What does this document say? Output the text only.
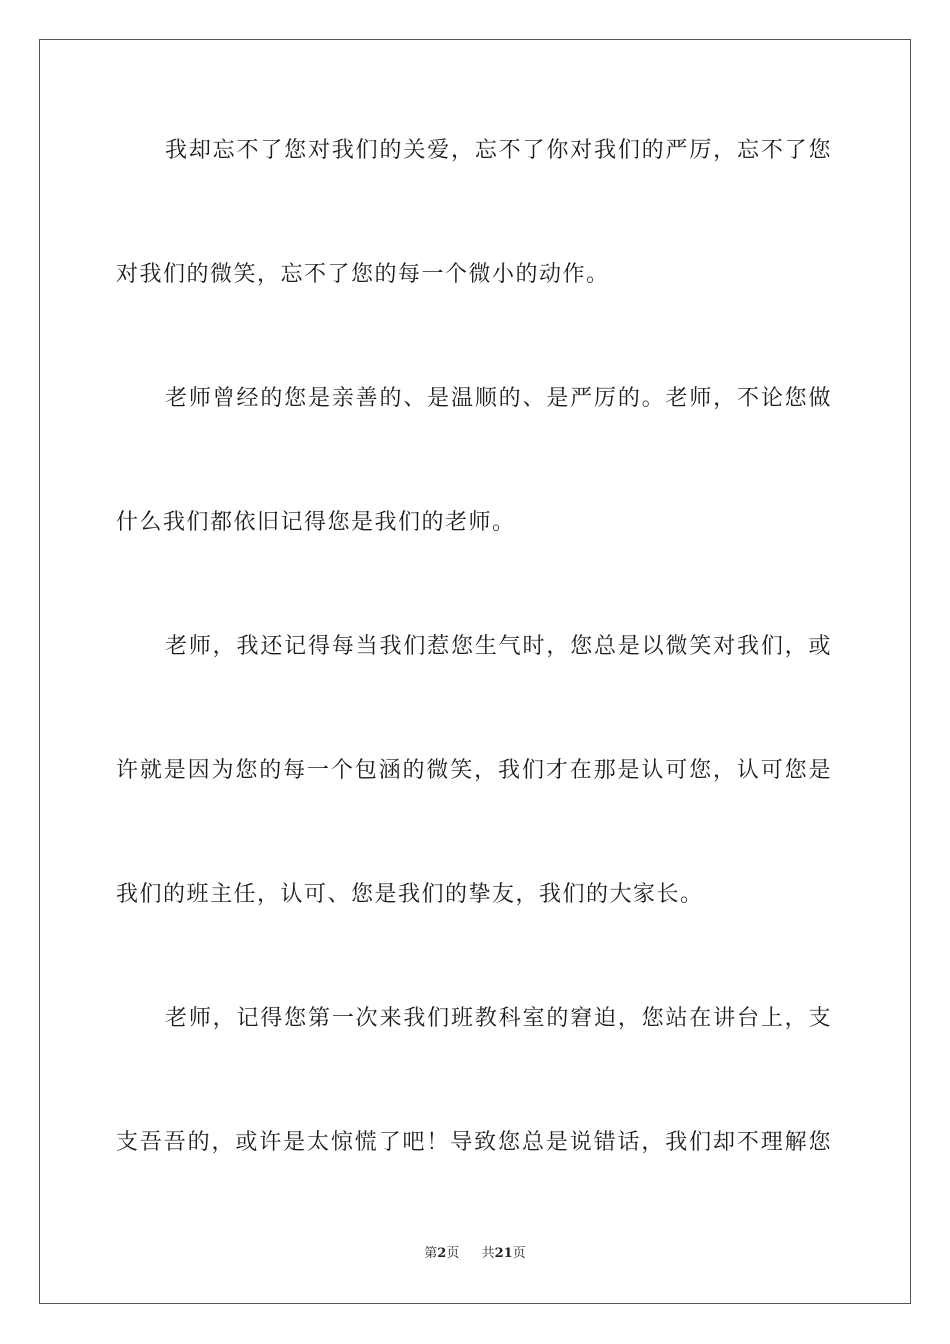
我却忘不了您对我们的关爱，忘不了你对我们的严厉，忘不了您
对我们的微笑，忘不了您的每一个微小的动作。
老师曾经的您是亲善的、是温顺的、是严厉的。老师，不论您做
什么我们都依旧记得您是我们的老师。
老师，我还记得每当我们惹您生气时，您总是以微笑对我们，或
许就是因为您的每一个包涵的微笑，我们才在那是认可您，认可您是
我们的班主任，认可、您是我们的挚友，我们的大家长。
老师，记得您第一次来我们班教科室的窘迫，您站在讲台上，支
支吾吾的，或许是太惊慌了吧！导致您总是说错话，我们却不理解您
第2页 共21页
